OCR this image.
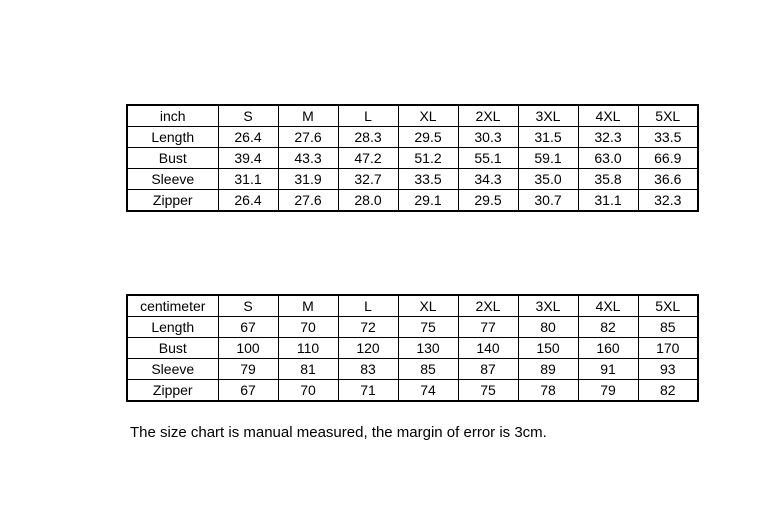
inch	S	M	L	XL	2XL	3XL	4XL	5XL
Length	26.4	27.6	28.3	29.5	30.3	31.5	32.3	33.5
Bust	39.4	43.3	47.2	51.2	55.1	59.1	63.0	66.9
Sleeve	31.1	31.9	32.7	33.5	34.3	35.0	35.8	36.6
Zipper	26.4	27.6	28.0	29.1	29.5	30.7	31.1	32.3
centimeter	S	M	L	XL	2XL	3XL	4XL	5XL
Length	67	70	72	75	77	80	82	85
Bust	100	110	120	130	140	150	160	170
Sleeve	79	81	83	85	87	89	91	93
Zipper	67	70	71	74	75	78	79	82
The size chart is manual measured, the margin of error is 3cm.
